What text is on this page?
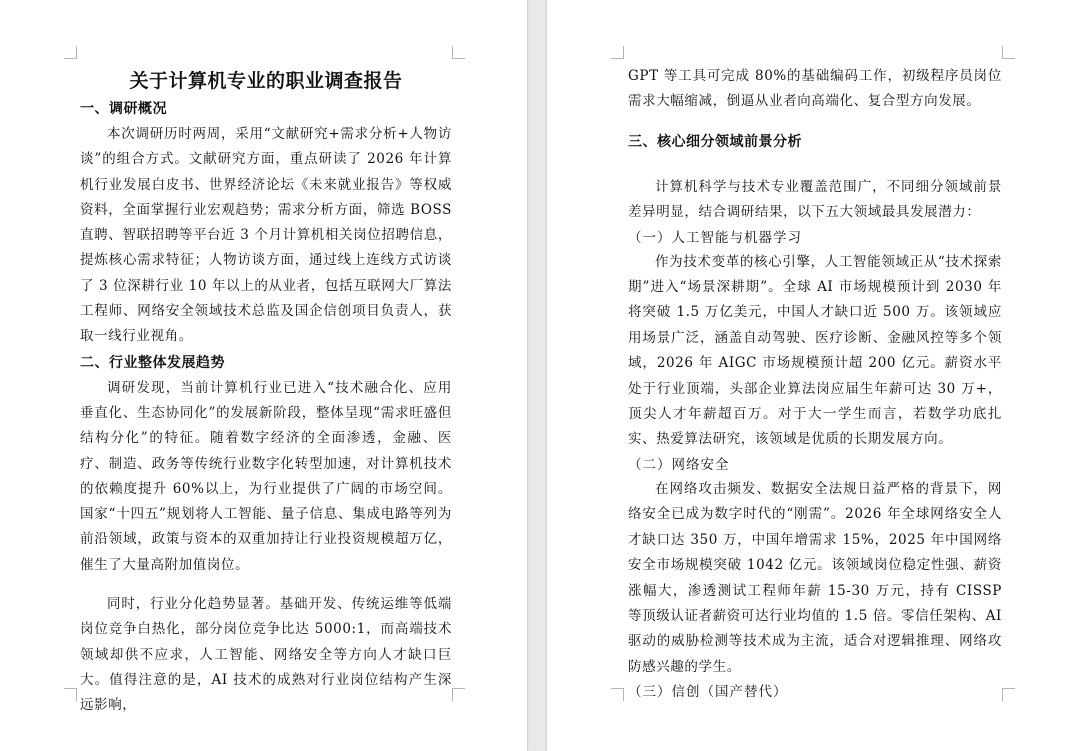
关于计算机专业的职业调查报告

一、调研概况

本次调研历时两周，采用“文献研究+需求分析+人物访谈”的组合方式。文献研究方面，重点研读了 2026 年计算机行业发展白皮书、世界经济论坛《未来就业报告》等权威资料，全面掌握行业宏观趋势；需求分析方面，筛选 BOSS 直聘、智联招聘等平台近 3 个月计算机相关岗位招聘信息，提炼核心需求特征；人物访谈方面，通过线上连线方式访谈了 3 位深耕行业 10 年以上的从业者，包括互联网大厂算法工程师、网络安全领域技术总监及国企信创项目负责人，获取一线行业视角。

二、行业整体发展趋势

调研发现，当前计算机行业已进入“技术融合化、应用垂直化、生态协同化”的发展新阶段，整体呈现“需求旺盛但结构分化”的特征。随着数字经济的全面渗透，金融、医疗、制造、政务等传统行业数字化转型加速，对计算机技术的依赖度提升 60%以上，为行业提供了广阔的市场空间。国家“十四五”规划将人工智能、量子信息、集成电路等列为前沿领域，政策与资本的双重加持让行业投资规模超万亿，催生了大量高附加值岗位。

同时，行业分化趋势显著。基础开发、传统运维等低端岗位竞争白热化，部分岗位竞争比达 5000:1，而高端技术领域却供不应求，人工智能、网络安全等方向人才缺口巨大。值得注意的是，AI 技术的成熟对行业岗位结构产生深远影响，

GPT 等工具可完成 80%的基础编码工作，初级程序员岗位需求大幅缩减，倒逼从业者向高端化、复合型方向发展。

三、核心细分领域前景分析

计算机科学与技术专业覆盖范围广，不同细分领域前景差异明显，结合调研结果，以下五大领域最具发展潜力：

（一）人工智能与机器学习

作为技术变革的核心引擎，人工智能领域正从“技术探索期”进入“场景深耕期”。全球 AI 市场规模预计到 2030 年将突破 1.5 万亿美元，中国人才缺口近 500 万。该领域应用场景广泛，涵盖自动驾驶、医疗诊断、金融风控等多个领域，2026 年 AIGC 市场规模预计超 200 亿元。薪资水平处于行业顶端，头部企业算法岗应届生年薪可达 30 万+，顶尖人才年薪超百万。对于大一学生而言，若数学功底扎实、热爱算法研究，该领域是优质的长期发展方向。

（二）网络安全

在网络攻击频发、数据安全法规日益严格的背景下，网络安全已成为数字时代的“刚需”。2026 年全球网络安全人才缺口达 350 万，中国年增需求 15%，2025 年中国网络安全市场规模突破 1042 亿元。该领域岗位稳定性强、薪资涨幅大，渗透测试工程师年薪 15-30 万元，持有 CISSP 等顶级认证者薪资可达行业均值的 1.5 倍。零信任架构、AI 驱动的威胁检测等技术成为主流，适合对逻辑推理、网络攻防感兴趣的学生。

（三）信创（国产替代）
